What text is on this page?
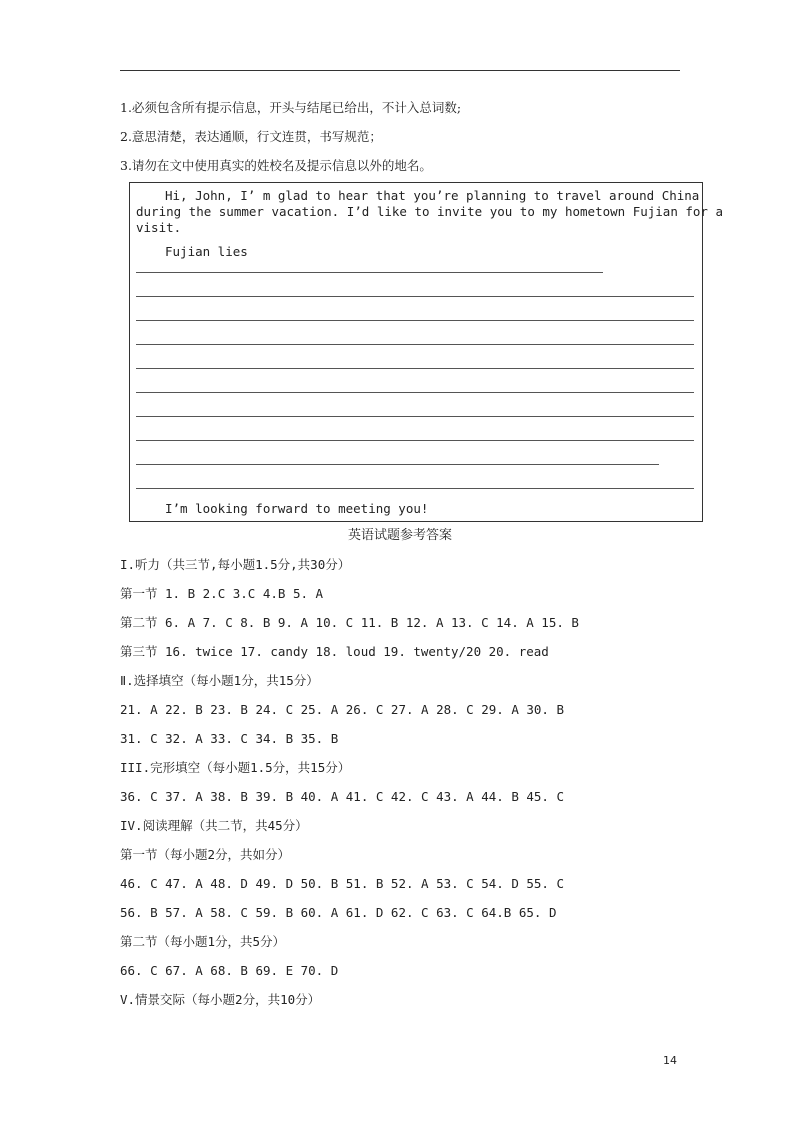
1.必须包含所有提示信息，开头与结尾已给出，不计入总词数;
2.意思清楚，表达通顺，行文连贯，书写规范；
3.请勿在文中使用真实的姓校名及提示信息以外的地名。
Hi, John, I’ m glad to hear that you’re planning to travel around China
during the summer vacation. I’d like to invite you to my hometown Fujian for a
visit.
Fujian lies
I’m looking forward to meeting you!
英语试题参考答案
I.听力（共三节,每小题1.5分,共30分）
第一节 1. B 2.C 3.C 4.B 5. A
第二节 6. A 7. C 8. B 9. A 10. C 11. B 12. A 13. C 14. A 15. B
第三节 16. twice 17. candy 18. loud 19. twenty/20 20. read
Ⅱ.选择填空（每小题1分，共15分）
21. A 22. B 23. B 24. C 25. A 26. C 27. A 28. C 29. A 30. B
31. C 32. A 33. C 34. B 35. B
III.完形填空（每小题1.5分，共15分）
36. C 37. A 38. B 39. B 40. A 41. C 42. C 43. A 44. B 45. C
IV.阅读理解（共二节，共45分）
第一节（每小题2分，共如分）
46. C 47. A 48. D 49. D 50. B 51. B 52. A 53. C 54. D 55. C
56. B 57. A 58. C 59. B 60. A 61. D 62. C 63. C 64.B 65. D
第二节（每小题1分，共5分）
66. C 67. A 68. B 69. E 70. D
V.情景交际（每小题2分，共10分）
14
